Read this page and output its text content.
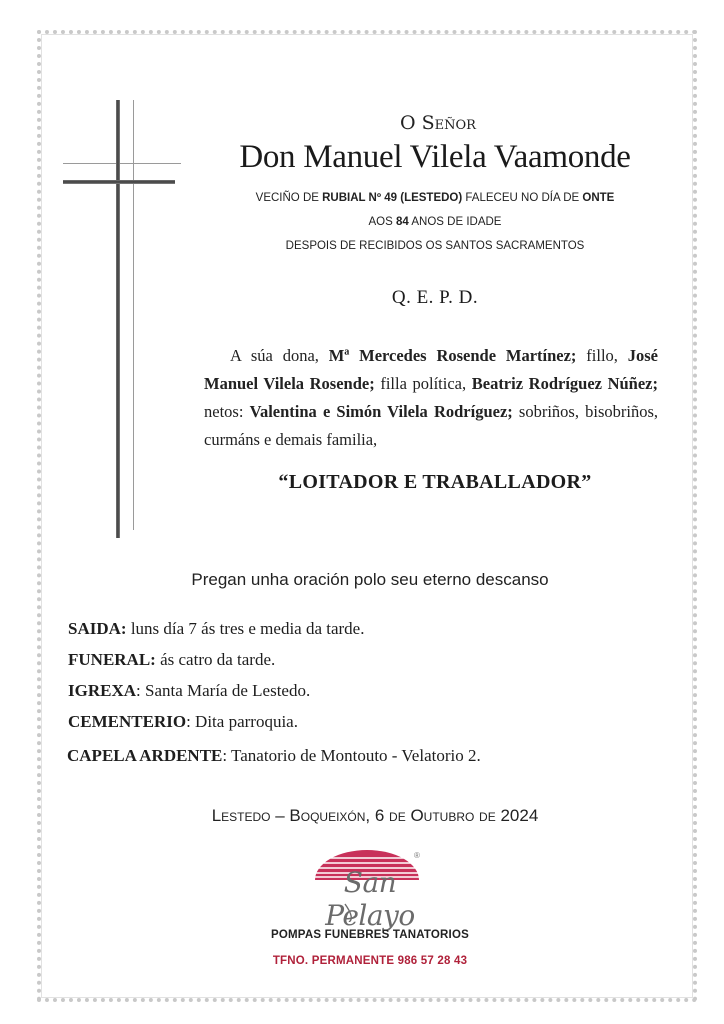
O Señor
Don Manuel Vilela Vaamonde
VECIÑO DE RUBIAL Nº 49 (LESTEDO) FALECEU NO DÍA DE ONTE
AOS 84 ANOS DE IDADE
DESPOIS DE RECIBIDOS OS SANTOS SACRAMENTOS
Q. E. P. D.
A súa dona, Mª Mercedes Rosende Martínez; fillo, José Manuel Vilela Rosende; filla política, Beatriz Rodríguez Núñez; netos: Valentina e Simón Vilela Rodríguez; sobriños, bisobriños, curmáns e demais familia,
“LOITADOR E TRABALLADOR”
Pregan unha oración polo seu eterno descanso
SAIDA: luns día 7 ás tres e media da tarde.
FUNERAL: ás catro da tarde.
IGREXA: Santa María de Lestedo.
CEMENTERIO: Dita parroquia.
CAPELA ARDENTE: Tanatorio de Montouto - Velatorio 2.
Lestedo – Boqueixón, 6 de Outubro de 2024
San Pelayo
®
POMPAS FUNEBRES TANATORIOS
TFNO. PERMANENTE 986 57 28 43
